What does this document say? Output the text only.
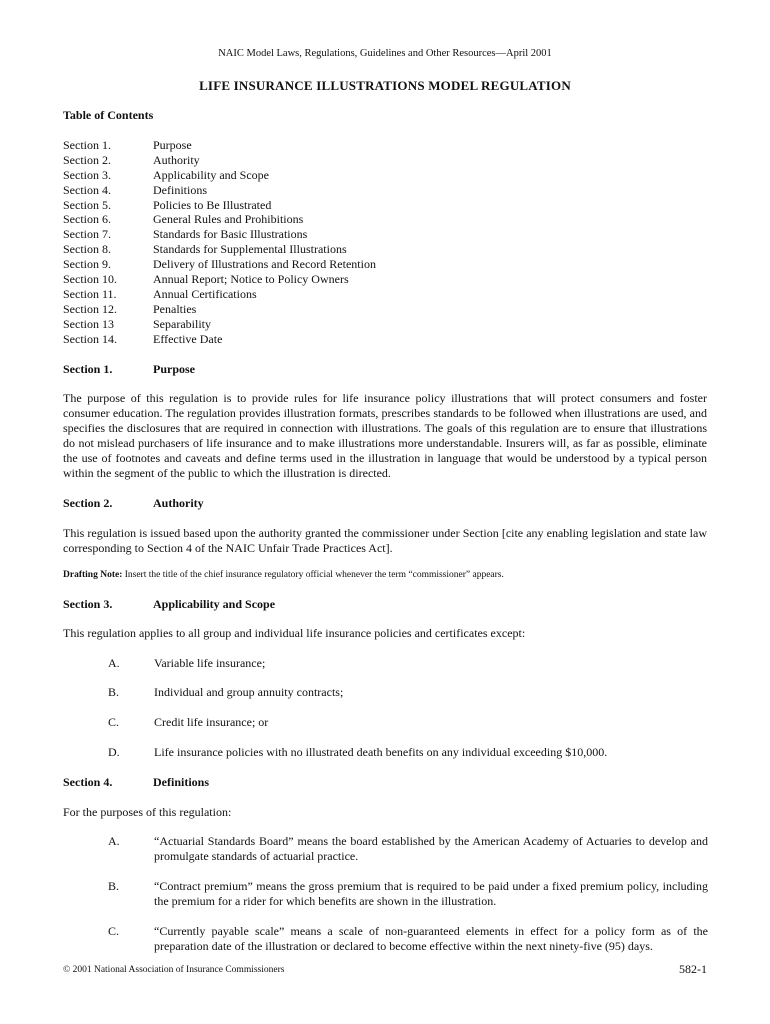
NAIC Model Laws, Regulations, Guidelines and Other Resources—April 2001
LIFE INSURANCE ILLUSTRATIONS MODEL REGULATION
Table of Contents
Section 1.	Purpose
Section 2.	Authority
Section 3.	Applicability and Scope
Section 4.	Definitions
Section 5.	Policies to Be Illustrated
Section 6.	General Rules and Prohibitions
Section 7.	Standards for Basic Illustrations
Section 8.	Standards for Supplemental Illustrations
Section 9.	Delivery of Illustrations and Record Retention
Section 10.	Annual Report; Notice to Policy Owners
Section 11.	Annual Certifications
Section 12.	Penalties
Section 13	Separability
Section 14.	Effective Date
Section 1.	Purpose
The purpose of this regulation is to provide rules for life insurance policy illustrations that will protect consumers and foster consumer education. The regulation provides illustration formats, prescribes standards to be followed when illustrations are used, and specifies the disclosures that are required in connection with illustrations. The goals of this regulation are to ensure that illustrations do not mislead purchasers of life insurance and to make illustrations more understandable. Insurers will, as far as possible, eliminate the use of footnotes and caveats and define terms used in the illustration in language that would be understood by a typical person within the segment of the public to which the illustration is directed.
Section 2.	Authority
This regulation is issued based upon the authority granted the commissioner under Section [cite any enabling legislation and state law corresponding to Section 4 of the NAIC Unfair Trade Practices Act].
Drafting Note: Insert the title of the chief insurance regulatory official whenever the term “commissioner” appears.
Section 3.	Applicability and Scope
This regulation applies to all group and individual life insurance policies and certificates except:
A.	Variable life insurance;
B.	Individual and group annuity contracts;
C.	Credit life insurance; or
D.	Life insurance policies with no illustrated death benefits on any individual exceeding $10,000.
Section 4.	Definitions
For the purposes of this regulation:
A.	“Actuarial Standards Board” means the board established by the American Academy of Actuaries to develop and promulgate standards of actuarial practice.
B.	“Contract premium” means the gross premium that is required to be paid under a fixed premium policy, including the premium for a rider for which benefits are shown in the illustration.
C.	“Currently payable scale” means a scale of non-guaranteed elements in effect for a policy form as of the preparation date of the illustration or declared to become effective within the next ninety-five (95) days.
© 2001 National Association of Insurance Commissioners	582-1
